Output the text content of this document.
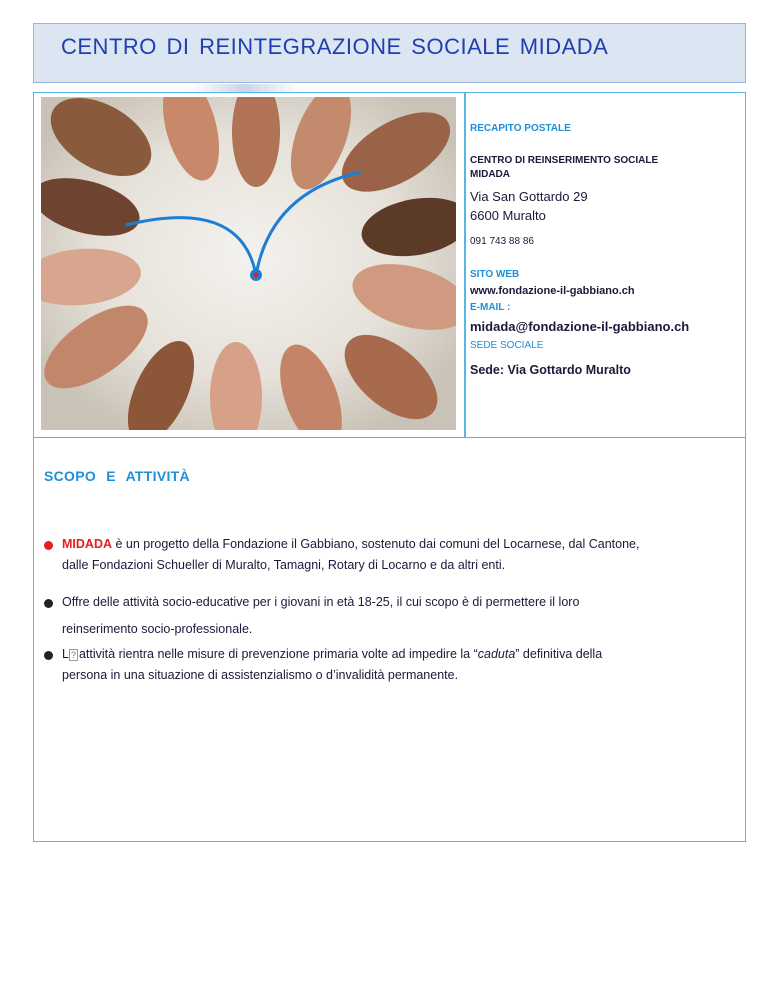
CENTRO DI REINTEGRAZIONE SOCIALE MIDADA
RECAPITO POSTALE
CENTRO DI REINSERIMENTO SOCIALE
MIDADA
Via San Gottardo 29
6600 Muralto
091 743 88 86
SITO WEB
www.fondazione-il-gabbiano.ch
E-MAIL :
midada@fondazione-il-gabbiano.ch
SEDE SOCIALE
Sede: Via Gottardo Muralto
SCOPO E ATTIVITÀ
MIDADA è un progetto della Fondazione il Gabbiano, sostenuto dai comuni del Locarnese, dal Cantone,
dalle Fondazioni Schueller di Muralto, Tamagni, Rotary di Locarno e da altri enti.
Offre delle attività socio-educative per i giovani in età 18-25, il cui scopo è di permettere il loro
reinserimento socio-professionale.
L ? attività rientra nelle misure di prevenzione primaria volte ad impedire la “caduta” definitiva della
persona in una situazione di assistenzialismo o d’invalidità permanente.
